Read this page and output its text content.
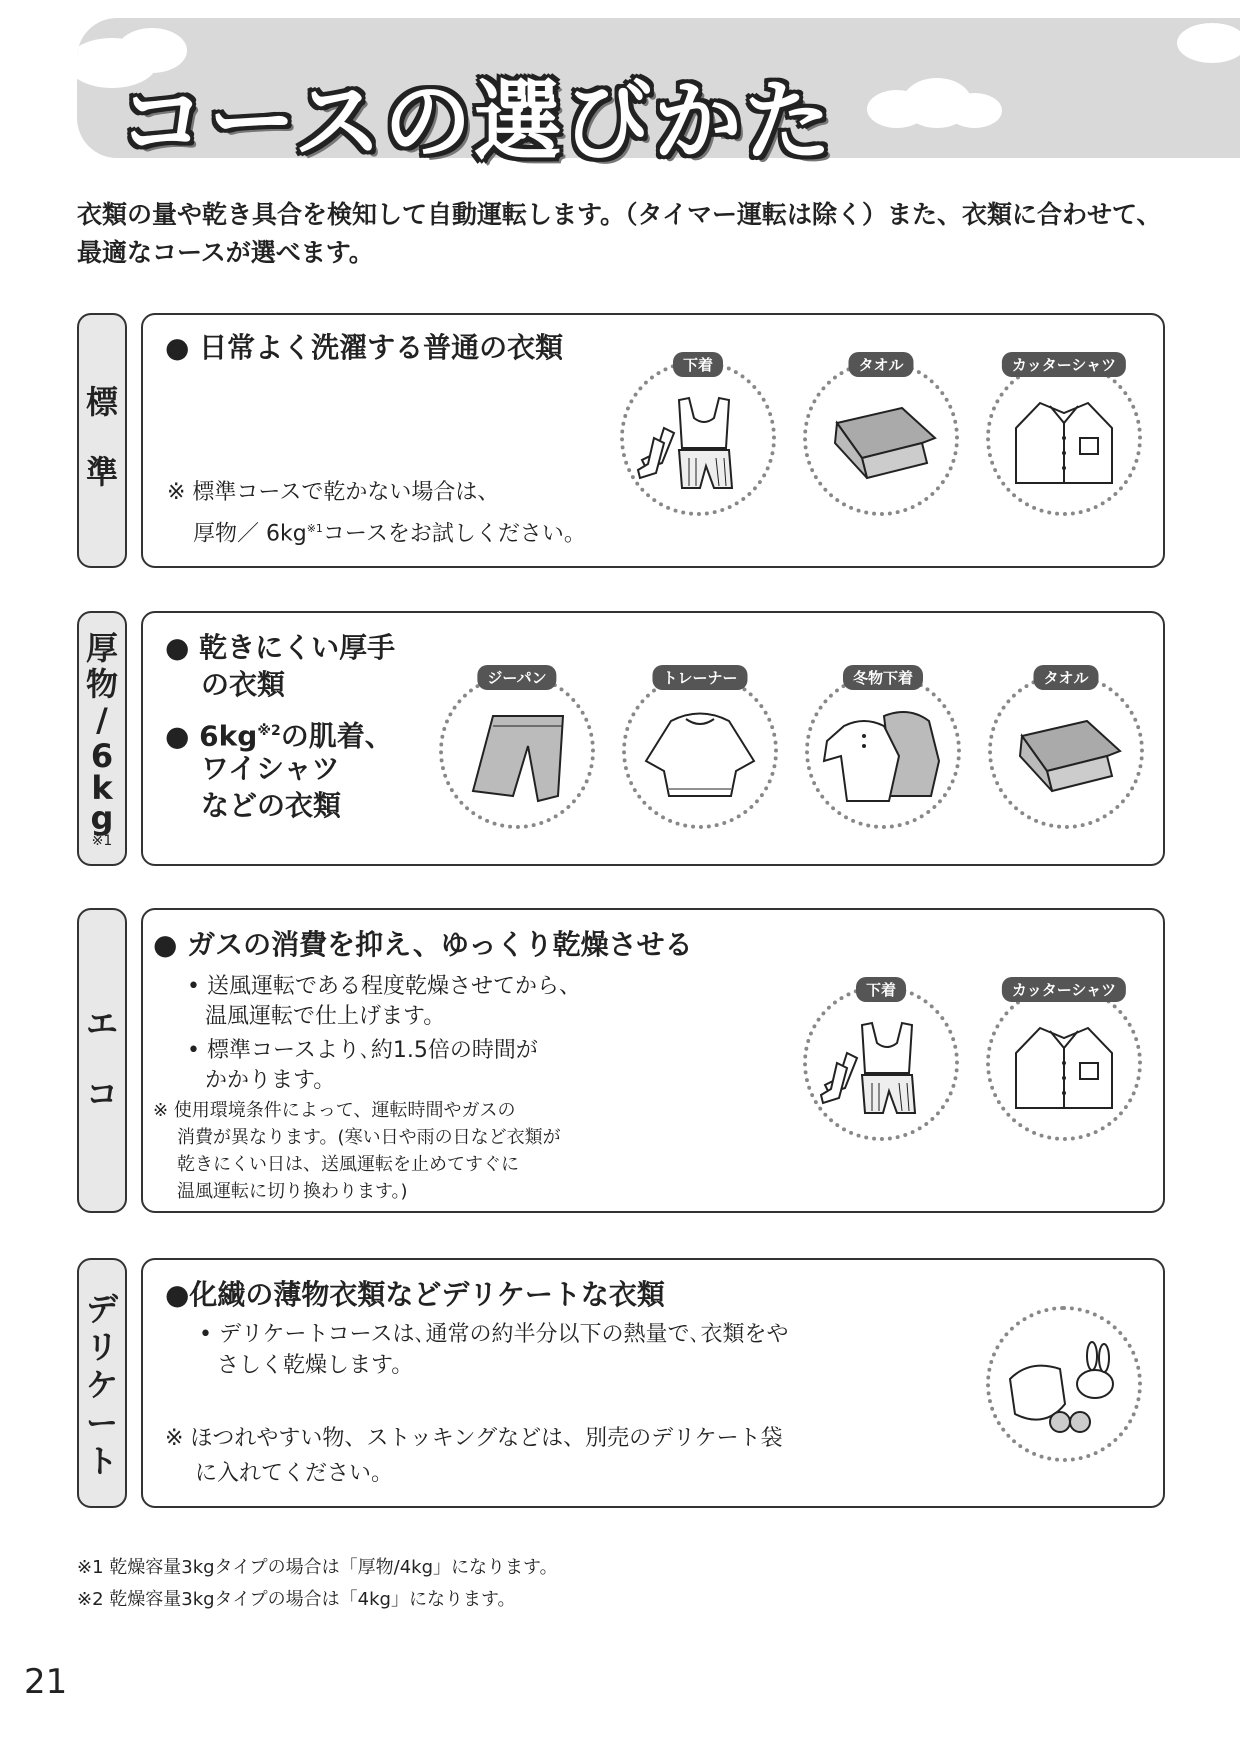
コースの選びかた
衣類の量や乾き具合を検知して自動運転します。（タイマー運転は除く）また、衣類に合わせて、最適なコースが選べます。
標
準
● 日常よく洗濯する普通の衣類
※ 標準コースで乾かない場合は、
厚物／ $6kg^{※1}$コースをお試しください。
下着	タオル	カッターシャツ
厚
物
/
6
k
g
※1
● 乾きにくい厚手
の衣類
● $6kg^{※2}$の肌着、
ワイシャツ
などの衣類
ジーパン	トレーナー	冬物下着	タオル
エ
コ
● ガスの消費を抑え、ゆっくり乾燥させる
• 送風運転である程度乾燥させてから、
温風運転で仕上げます。
• 標準コースより､約1.5倍の時間が
かかります。
※ 使用環境条件によって、運転時間やガスの
消費が異なります。(寒い日や雨の日など衣類が
乾きにくい日は、送風運転を止めてすぐに
温風運転に切り換わります。)
下着	カッターシャツ
デ
リ
ケ
ー
ト
●化繊の薄物衣類などデリケートな衣類
• デリケートコースは､通常の約半分以下の熱量で､衣類をや
さしく乾燥します。
※ ほつれやすい物、ストッキングなどは、別売のデリケート袋
に入れてください。
※1 乾燥容量3kgタイプの場合は「厚物/4kg」になります。
※2 乾燥容量3kgタイプの場合は「4kg」になります。
21
